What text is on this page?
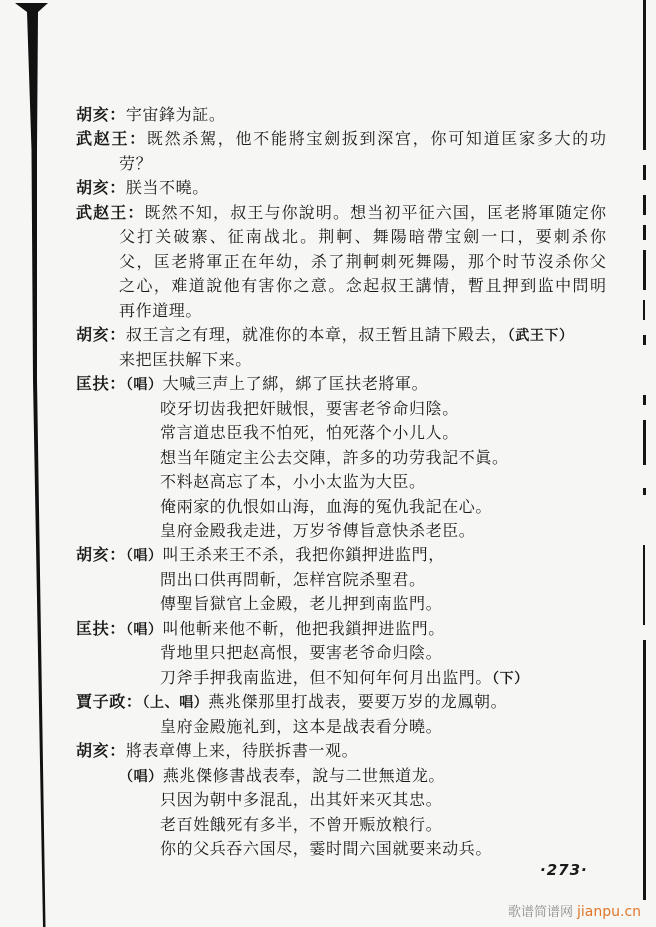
胡亥：宇宙鋒为証。
武赵王：既然杀駕，他不能將宝劍扳到深宫，你可知道匡家多大的功
劳？
胡亥：朕当不曉。
武赵王：既然不知，叔王与你說明。想当初平征六国，匡老將軍随定你
父打关破寨、征南战北。荆軻、舞陽暗帶宝劍一口，要刺杀你
父，匡老將軍正在年幼，杀了荆軻刺死舞陽，那个时节沒杀你父
之心，难道說他有害你之意。念起叔王講情，暫且押到监中問明
再作道理。
胡亥：叔王言之有理，就准你的本章，叔王暂且請下殿去，（武王下）
来把匡扶解下来。
匡扶：（唱）大喊三声上了綁，綁了匡扶老將軍。
咬牙切齿我把奸賊恨，要害老爷命归陰。
常言道忠臣我不怕死，怕死落个小儿人。
想当年随定主公去交陣，許多的功劳我記不眞。
不料赵高忘了本，小小太监为大臣。
俺兩家的仇恨如山海，血海的冤仇我記在心。
皇府金殿我走进，万岁爷傳旨意快杀老臣。
胡亥：（唱）叫王杀来王不杀，我把你鎖押进监門，
問出口供再問斬，怎样宫院杀聖君。
傳聖旨獄官上金殿，老儿押到南监門。
匡扶：（唱）叫他斬来他不斬，他把我鎖押进监門。
背地里只把赵高恨，要害老爷命归陰。
刀斧手押我南监进，但不知何年何月出监門。（下）
賈子政：（上、唱）燕兆傑那里打战表，要要万岁的龙鳳朝。
皇府金殿施礼到，这本是战表看分曉。
胡亥：將表章傳上来，待朕拆書一观。
（唱）燕兆傑修書战表奉，說与二世無道龙。
只因为朝中多混乱，出其奸来灭其忠。
老百姓餓死有多半，不曾开赈放粮行。
你的父兵吞六国尽，霎时間六国就要来动兵。
·273·
歌谱简谱网 jianpu.cn
